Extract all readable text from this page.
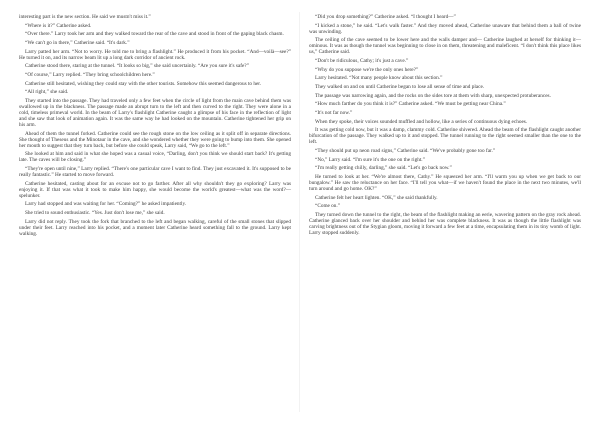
interesting part is the new section. He said we mustn't miss it.”

“Where is it?” Catherine asked.

“Over there.” Larry took her arm and they walked toward the rear of the cave and stood in front of the gaping black chasm.

“We can't go in there,” Catherine said. “It's dark.”

Larry patted her arm. “Not to worry. He told me to bring a flashlight.” He produced it from his pocket. “And—voilà—see?” He turned it on, and its narrow beam lit up a long dark corridor of ancient rock.

Catherine stood there, staring at the tunnel. “It looks so big,” she said uncertainly. “Are you sure it's safe?”

“Of course,” Larry replied. “They bring schoolchildren here.”

Catherine still hesitated, wishing they could stay with the other tourists. Somehow this seemed dangerous to her.

“All right,” she said.

They started into the passage. They had traveled only a few feet when the circle of light from the main cave behind them was swallowed up in the blackness. The passage made an abrupt turn to the left and then curved to the right. They were alone in a cold, timeless primeval world. In the beam of Larry's flashlight Catherine caught a glimpse of his face in the reflection of light and she saw that look of animation again. It was the same way he had looked on the mountain. Catherine tightened her grip on his arm.

Ahead of them the tunnel forked. Catherine could see the rough stone on the low ceiling as it split off in separate directions. She thought of Theseus and the Minotaur in the cave, and she wondered whether they were going to bump into them. She opened her mouth to suggest that they turn back, but before she could speak, Larry said, “We go to the left.”

She looked at him and said in what she hoped was a casual voice, “Darling, don't you think we should start back? It's getting late. The caves will be closing.”

“They're open until nine,” Larry replied. “There's one particular cave I want to find. They just excavated it. It's supposed to be really fantastic.” He started to move forward.

Catherine hesitated, casting about for an excuse not to go farther. After all why shouldn't they go exploring? Larry was enjoying it. If that was what it took to make him happy, she would become the world's greatest—what was the word?—spelunker.

Larry had stopped and was waiting for her. “Coming?” he asked impatiently.

She tried to sound enthusiastic. “Yes. Just don't lose me,” she said.

Larry did not reply. They took the fork that branched to the left and began walking, careful of the small stones that slipped under their feet. Larry reached into his pocket, and a moment later Catherine heard something fall to the ground. Larry kept walking.

“Did you drop something?” Catherine asked. “I thought I heard—”

“I kicked a stone,” he said. “Let's walk faster.” And they moved ahead, Catherine unaware that behind them a ball of twine was unwinding.

The ceiling of the cave seemed to be lower here and the walls damper and— Catherine laughed at herself for thinking it—ominous. It was as though the tunnel was beginning to close in on them, threatening and maleficent. “I don't think this place likes us,” Catherine said.

“Don't be ridiculous, Cathy; it's just a cave.”

“Why do you suppose we're the only ones here?”

Larry hesitated. “Not many people know about this section.”

They walked on and on until Catherine began to lose all sense of time and place.

The passage was narrowing again, and the rocks on the sides tore at them with sharp, unexpected protuberances.

“How much farther do you think it is?” Catherine asked. “We must be getting near China.”

“It's not far now.”

When they spoke, their voices sounded muffled and hollow, like a series of continuous dying echoes.

It was getting cold now, but it was a damp, clammy cold. Catherine shivered. Ahead the beam of the flashlight caught another bifurcation of the passage. They walked up to it and stopped. The tunnel running to the right seemed smaller than the one to the left.

“They should put up neon road signs,” Catherine said. “We've probably gone too far.”

“No,” Larry said. “I'm sure it's the one on the right.”

“I'm really getting chilly, darling,” she said. “Let's go back now.”

He turned to look at her. “We're almost there, Cathy.” He squeezed her arm. “I'll warm you up when we get back to our bungalow.” He saw the reluctance on her face. “I'll tell you what—if we haven't found the place in the next two minutes, we'll turn around and go home. OK?”

Catherine felt her heart lighten. “OK,” she said thankfully.

“Come on.”

They turned down the tunnel to the right, the beam of the flashlight making an eerie, wavering pattern on the gray rock ahead. Catherine glanced back over her shoulder and behind her was complete blackness. It was as though the little flashlight was carving brightness out of the Stygian gloom, moving it forward a few feet at a time, encapsulating them in its tiny womb of light. Larry stopped suddenly.
